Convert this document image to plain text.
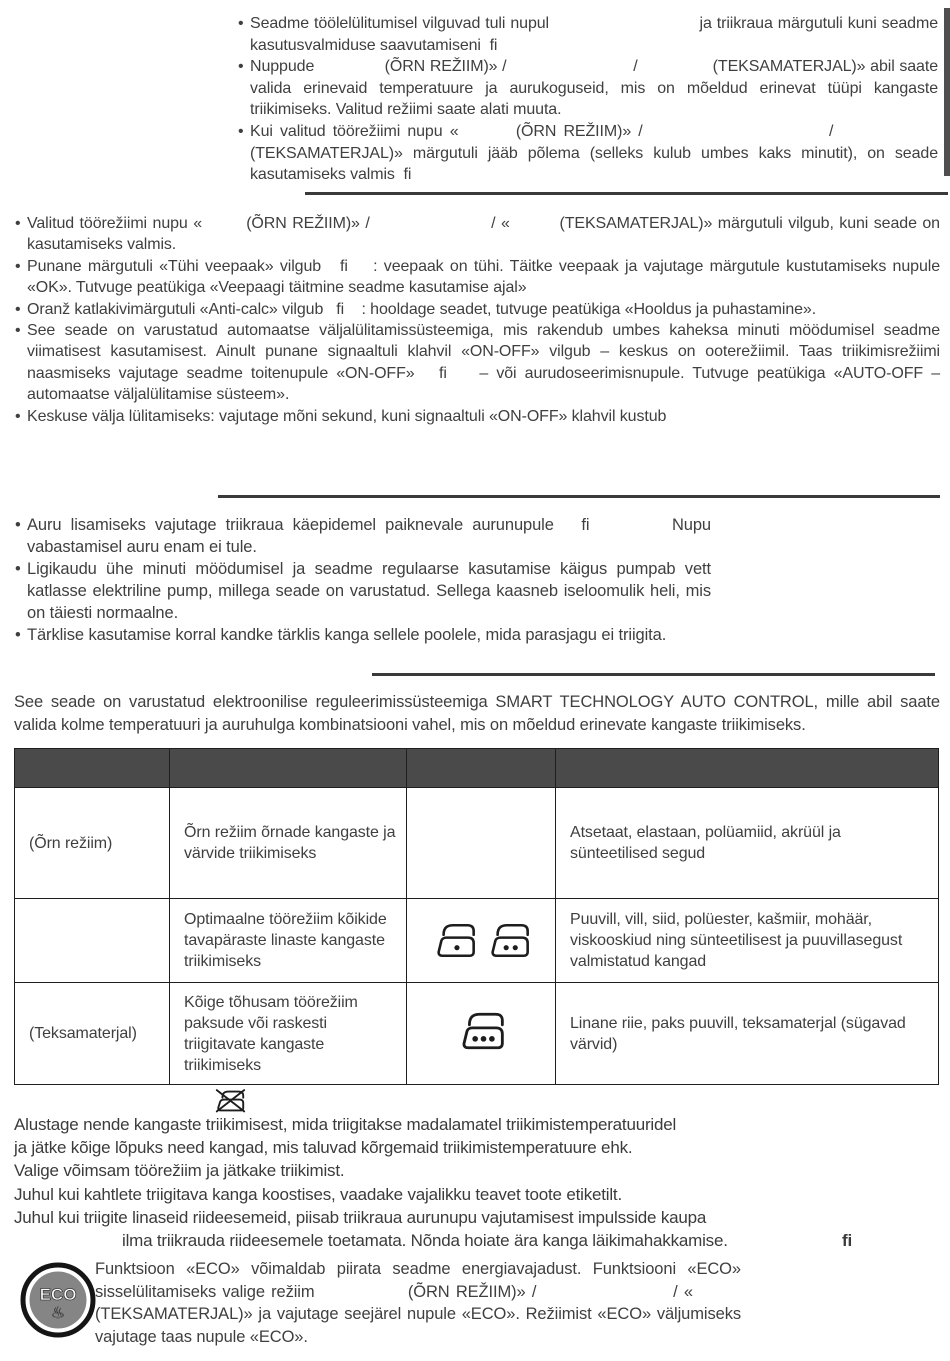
• Seadme töölelülitumisel vilguvad tuli nupul                              ja triikraua märgutuli kuni seadme kasutusvalmiduse saavutamiseni  fi
• Nuppude               (ÕRN REŽIIM)» /                           /                (TEKSAMATERJAL)» abil saate valida erinevaid temperatuure ja aurukoguseid, mis on mõeldud erinevat tüüpi kangaste triikimiseks. Valitud režiimi saate alati muuta.
• Kui valitud töörežiimi nupu «        (ÕRN REŽIIM)» /                          /                (TEKSAMATERJAL)» märgutuli jääb põlema (selleks kulub umbes kaks minutit), on seade kasutamiseks valmis  fi
• Valitud töörežiimi nupu «        (ÕRN REŽIIM)» /                      / «         (TEKSAMATERJAL)» märgutuli vilgub, kuni seade on kasutamiseks valmis.
• Punane märgutuli «Tühi veepaak» vilgub   fi    : veepaak on tühi. Täitke veepaak ja vajutage märgutule kustutamiseks nupule «OK». Tutvuge peatükiga «Veepaagi täitmine seadme kasutamise ajal»
• Oranž katlakivimärgutuli «Anti-calc» vilgub   fi    : hooldage seadet, tutvuge peatükiga «Hooldus ja puhastamine».
• See seade on varustatud automaatse väljalülitamissüsteemiga, mis rakendub umbes kaheksa minuti möödumisel seadme viimatisest kasutamisest. Ainult punane signaaltuli klahvil «ON-OFF» vilgub – keskus on ooterežiimil. Taas triikimisrežiimi naasmiseks vajutage seadme toitenupule «ON-OFF»   fi    – või aurudoseerimisnupule. Tutvuge peatükiga «AUTO-OFF – automaatse väljalülitamise süsteem».
• Keskuse välja lülitamiseks: vajutage mõni sekund, kuni signaaltuli «ON-OFF» klahvil kustub
• Auru lisamiseks vajutage triikraua käepidemel paiknevale aurunupule   fi         Nupu vabastamisel auru enam ei tule.
• Ligikaudu ühe minuti möödumisel ja seadme regulaarse kasutamise käigus pumpab vett katlasse elektriline pump, millega seade on varustatud. Sellega kaasneb iseloomulik heli, mis on täiesti normaalne.
• Tärklise kasutamise korral kandke tärklis kanga sellele poolele, mida parasjagu ei triigita.

See seade on varustatud elektroonilise reguleerimissüsteemiga SMART TECHNOLOGY AUTO CONTROL, mille abil saate valida kolme temperatuuri ja auruhulga kombinatsiooni vahel, mis on mõeldud erinevate kangaste triikimiseks.

(Õrn režiim)	Õrn režiim õrnade kangaste ja värvide triikimiseks		Atsetaat, elastaan, polüamiid, akrüül ja sünteetilised segud
	Optimaalne töörežiim kõikide tavapäraste linaste kangaste triikimiseks		Puuvill, vill, siid, polüester, kašmiir, mohäär, viskooskiud ning sünteetilisest ja puuvillasegust valmistatud kangad
(Teksamaterjal)	Kõige tõhusam töörežiim paksude või raskesti triigitavate kangaste triikimiseks		Linane riie, paks puuvill, teksamaterjal (sügavad värvid)
Alustage nende kangaste triikimisest, mida triigitakse madalamatel triikimistemperatuuridel
ja jätke kõige lõpuks need kangad, mis taluvad kõrgemaid triikimistemperatuure ehk.
Valige võimsam töörežiim ja jätkake triikimist.
Juhul kui kahtlete triigitava kanga koostises, vaadake vajalikku teavet toote etiketilt.
Juhul kui triigite linaseid riideesemeid, piisab triikraua aurunupu vajutamisest impulsside kaupa
ilma triikrauda riideesemele toetamata. Nõnda hoiate ära kanga läikimahakkamise.	fi
ECO
♨
Funktsioon «ECO» võimaldab piirata seadme energiavajadust. Funktsiooni «ECO» sisselülitamiseks valige režiim               (ÕRN REŽIIM)» /                      / «         (TEKSAMATERJAL)» ja vajutage seejärel nupule «ECO». Režiimist «ECO» väljumiseks vajutage taas nupule «ECO».
